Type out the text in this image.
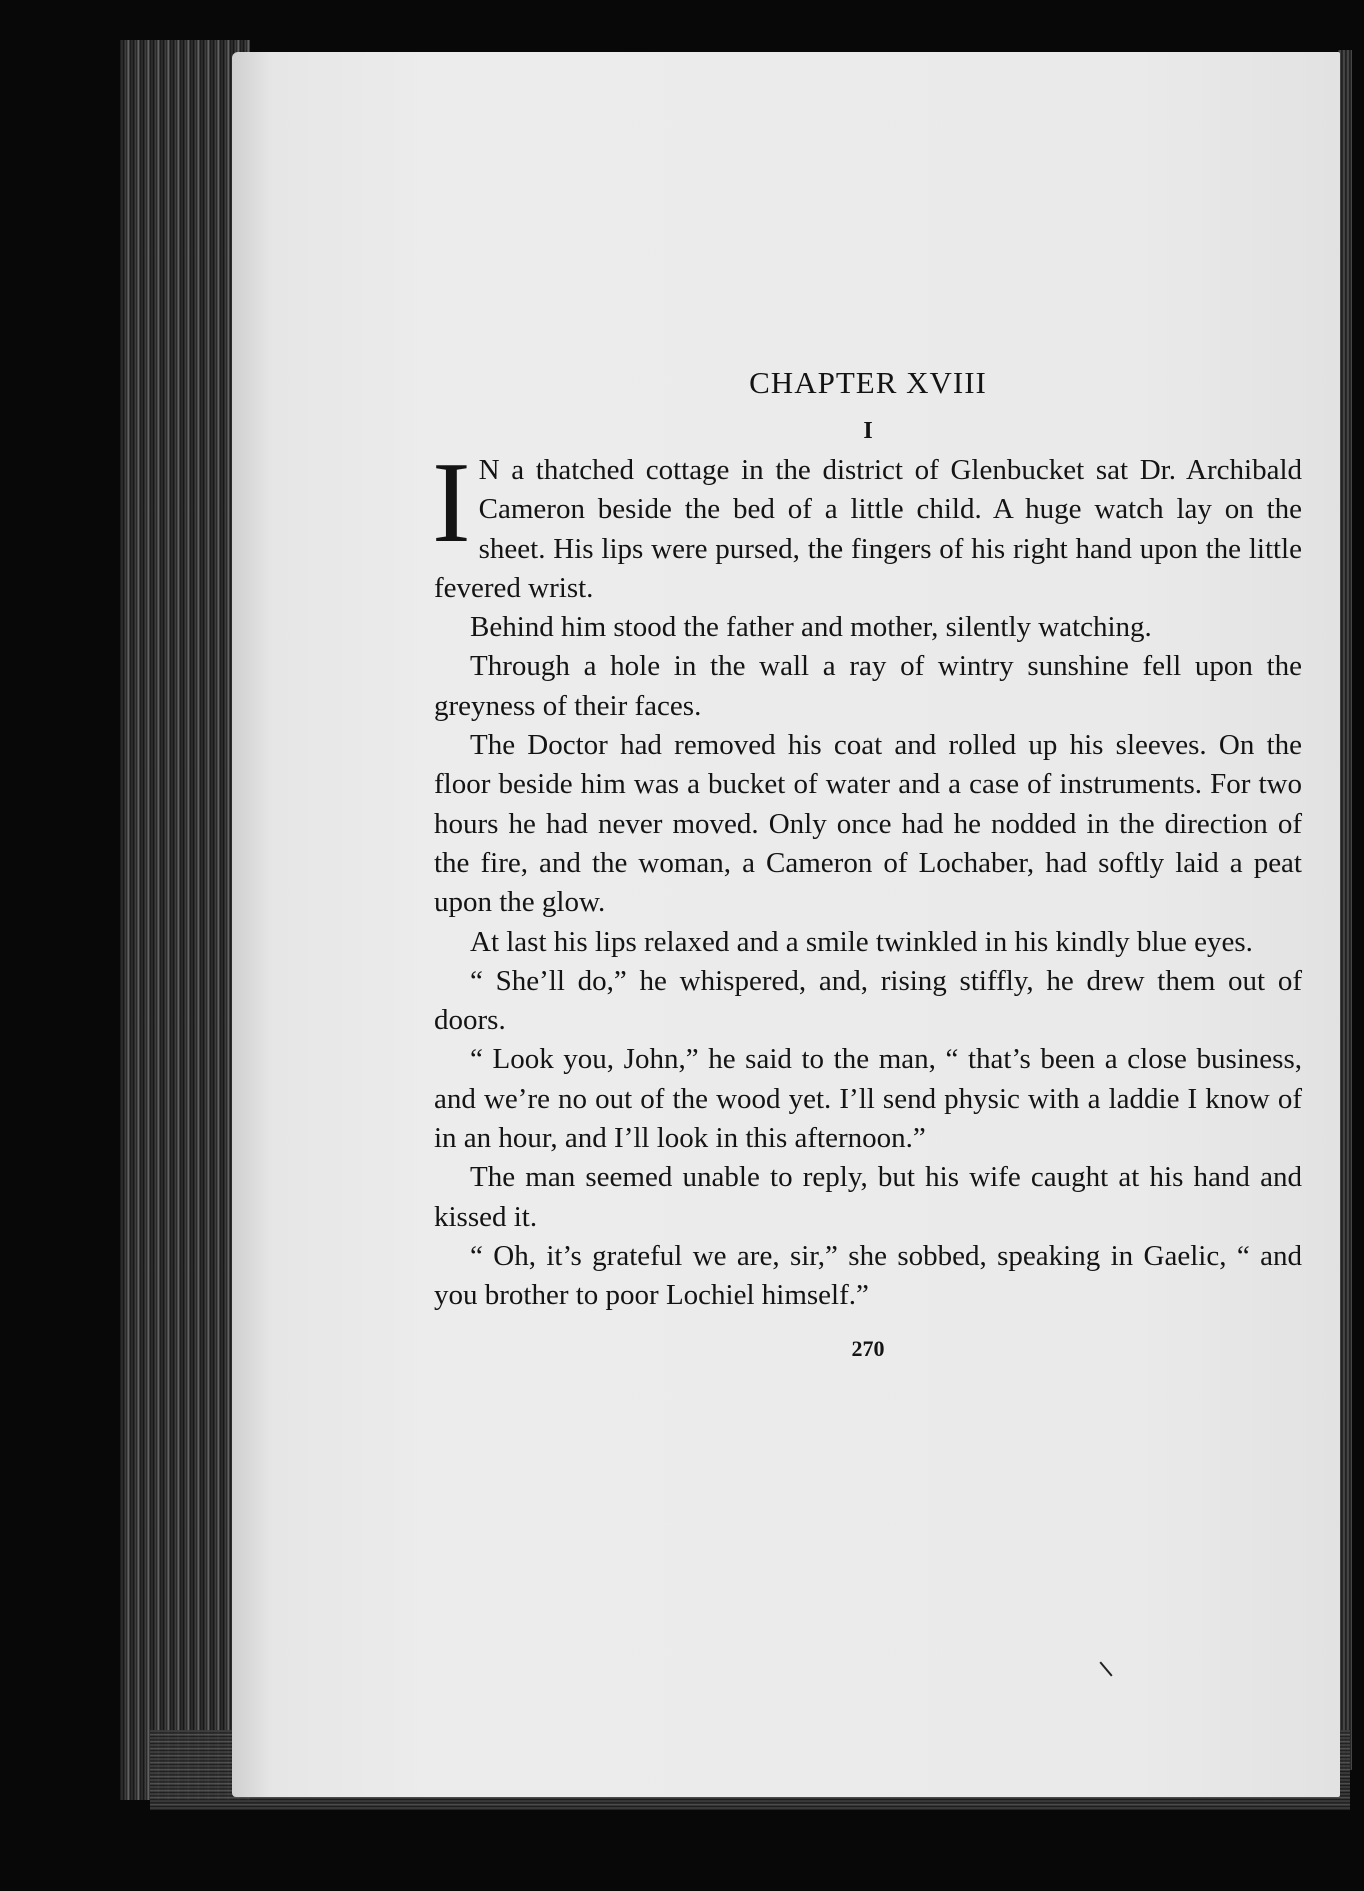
CHAPTER XVIII
I

I N a thatched cottage in the district of Glenbucket sat Dr. Archibald Cameron beside the bed of a little child. A huge watch lay on the sheet. His lips were pursed, the fingers of his right hand upon the little fevered wrist.

Behind him stood the father and mother, silently watching.

Through a hole in the wall a ray of wintry sunshine fell upon the greyness of their faces.

The Doctor had removed his coat and rolled up his sleeves. On the floor beside him was a bucket of water and a case of instruments. For two hours he had never moved. Only once had he nodded in the direction of the fire, and the woman, a Cameron of Lochaber, had softly laid a peat upon the glow.

At last his lips relaxed and a smile twinkled in his kindly blue eyes.

“ She’ll do,” he whispered, and, rising stiffly, he drew them out of doors.

“ Look you, John,” he said to the man, “ that’s been a close business, and we’re no out of the wood yet. I’ll send physic with a laddie I know of in an hour, and I’ll look in this afternoon.”

The man seemed unable to reply, but his wife caught at his hand and kissed it.

“ Oh, it’s grateful we are, sir,” she sobbed, speaking in Gaelic, “ and you brother to poor Lochiel himself.”

270
